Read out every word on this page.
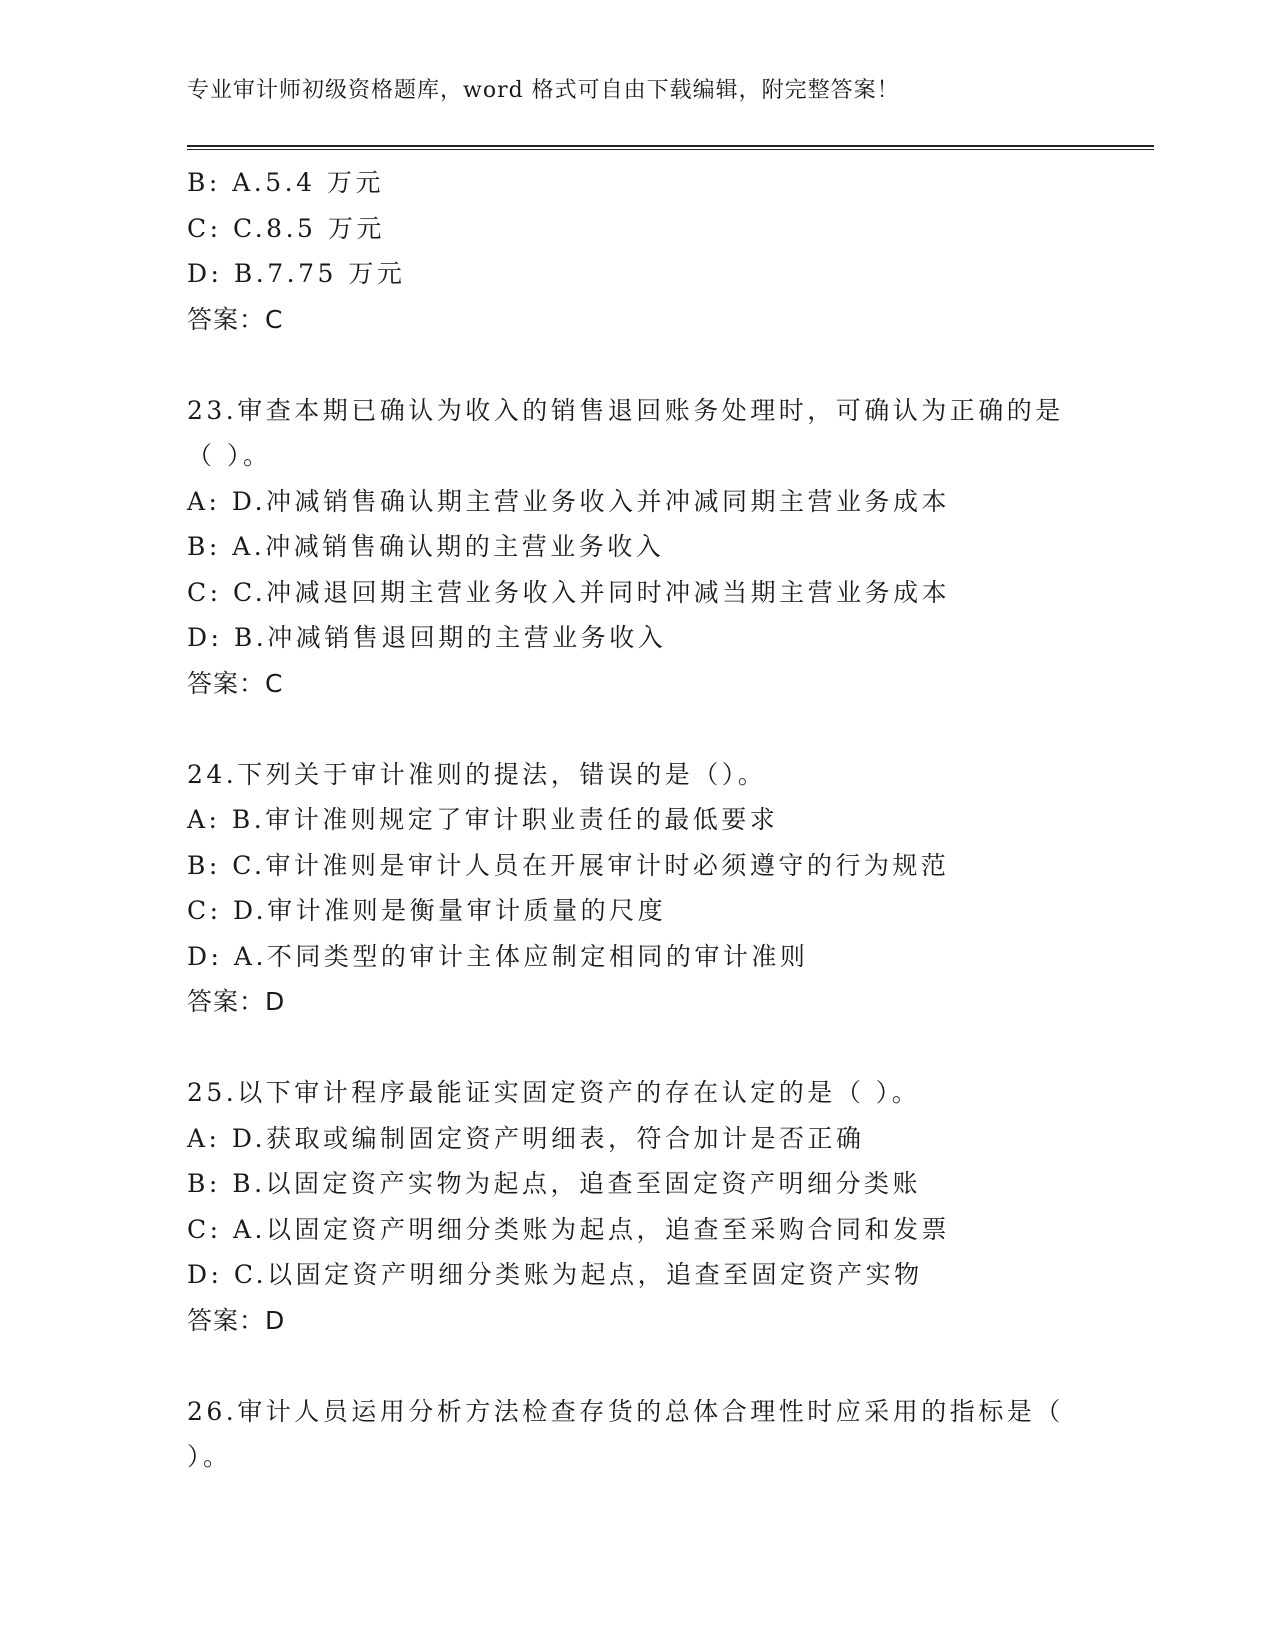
专业审计师初级资格题库，word 格式可自由下载编辑，附完整答案！
B: A.5.4 万元
C: C.8.5 万元
D: B.7.75 万元
答案：C
23.审查本期已确认为收入的销售退回账务处理时，可确认为正确的是
（ ）。
A: D.冲减销售确认期主营业务收入并冲减同期主营业务成本
B: A.冲减销售确认期的主营业务收入
C: C.冲减退回期主营业务收入并同时冲减当期主营业务成本
D: B.冲减销售退回期的主营业务收入
答案：C
24.下列关于审计准则的提法，错误的是（）。
A: B.审计准则规定了审计职业责任的最低要求
B: C.审计准则是审计人员在开展审计时必须遵守的行为规范
C: D.审计准则是衡量审计质量的尺度
D: A.不同类型的审计主体应制定相同的审计准则
答案：D
25.以下审计程序最能证实固定资产的存在认定的是（ ）。
A: D.获取或编制固定资产明细表，符合加计是否正确
B: B.以固定资产实物为起点，追查至固定资产明细分类账
C: A.以固定资产明细分类账为起点，追查至采购合同和发票
D: C.以固定资产明细分类账为起点，追查至固定资产实物
答案：D
26.审计人员运用分析方法检查存货的总体合理性时应采用的指标是（
）。
